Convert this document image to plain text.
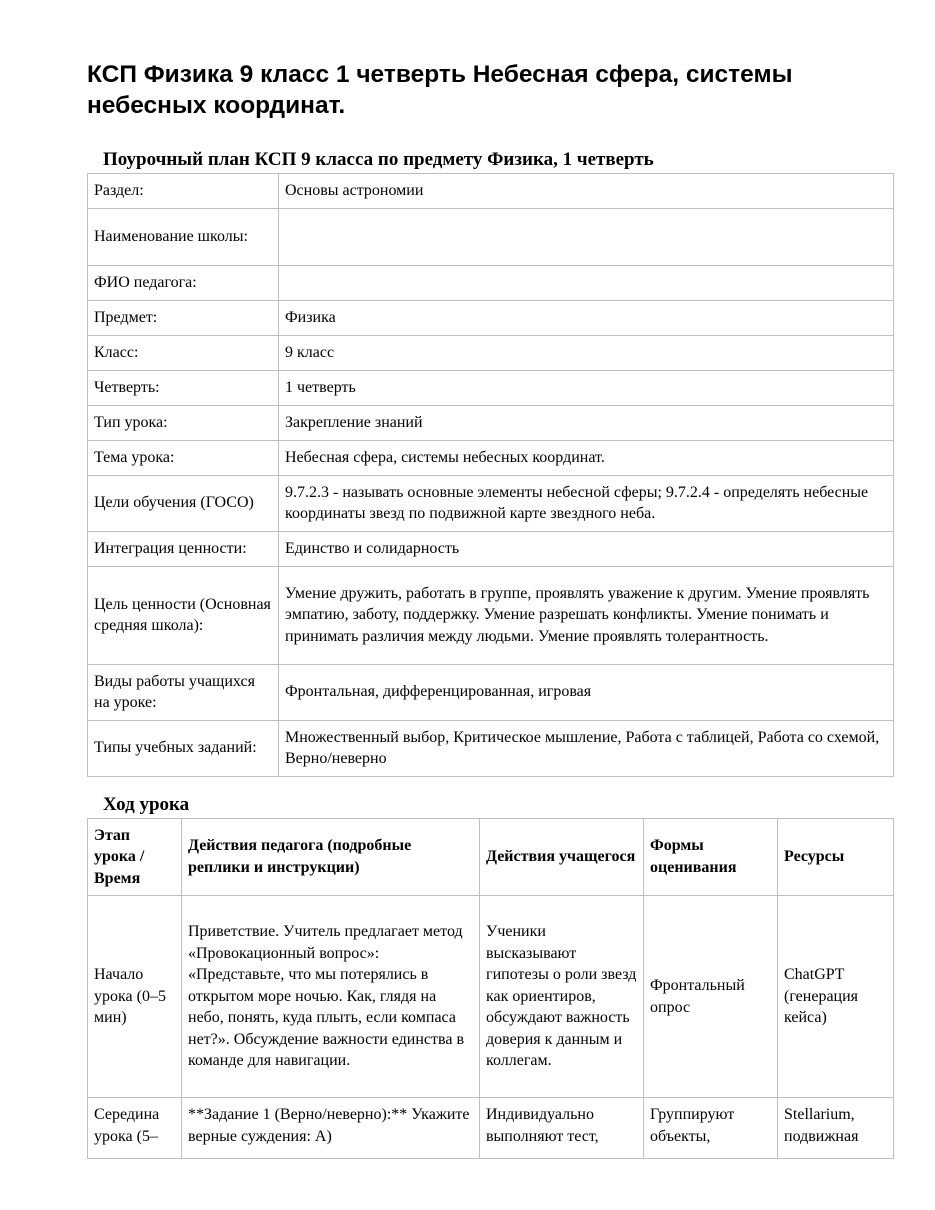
КСП Физика 9 класс 1 четверть Небесная сфера, системы небесных координат.
Поурочный план КСП 9 класса по предмету Физика, 1 четверть
Раздел:	Основы астрономии
Наименование школы:	
ФИО педагога:	
Предмет:	Физика
Класс:	9 класс
Четверть:	1 четверть
Тип урока:	Закрепление знаний
Тема урока:	Небесная сфера, системы небесных координат.
Цели обучения (ГОСО)	9.7.2.3 - называть основные элементы небесной сферы; 9.7.2.4 - определять небесные координаты звезд по подвижной карте звездного неба.
Интеграция ценности:	Единство и солидарность
Цель ценности (Основная средняя школа):	Умение дружить, работать в группе, проявлять уважение к другим. Умение проявлять эмпатию, заботу, поддержку. Умение разрешать конфликты. Умение понимать и принимать различия между людьми. Умение проявлять толерантность.
Виды работы учащихся на уроке:	Фронтальная, дифференцированная, игровая
Типы учебных заданий:	Множественный выбор, Критическое мышление, Работа с таблицей, Работа со схемой, Верно/неверно
Ход урока
Этап урока / Время	Действия педагога (подробные реплики и инструкции)	Действия учащегося	Формы оценивания	Ресурсы
Начало урока (0–5 мин)	Приветствие. Учитель предлагает метод «Провокационный вопрос»: «Представьте, что мы потерялись в открытом море ночью. Как, глядя на небо, понять, куда плыть, если компаса нет?». Обсуждение важности единства в команде для навигации.	Ученики высказывают гипотезы о роли звезд как ориентиров, обсуждают важность доверия к данным и коллегам.	Фронтальный опрос	ChatGPT (генерация кейса)

Середина урока (5–	**Задание 1 (Верно/неверно):** Укажите верные суждения: А)	Индивидуально выполняют тест,	Группируют объекты,	Stellarium, подвижная
